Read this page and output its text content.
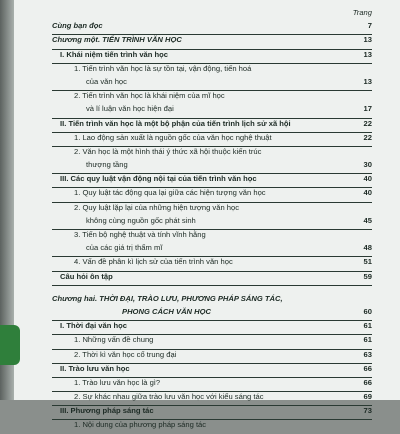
Trang
Cùng bạn đọc	7
Chương một. TIẾN TRÌNH VĂN HỌC	13
I. Khái niệm tiến trình văn học	13
1. Tiến trình văn học là sự tồn tại, vận động, tiến hoá
của văn học	13
2. Tiến trình văn học là khái niệm của mĩ học
và lí luận văn học hiện đại	17
II. Tiến trình văn học là một bộ phận của tiến trình lịch sử xã hội	22
1. Lao động sản xuất là nguồn gốc của văn học nghệ thuật	22
2. Văn học là một hình thái ý thức xã hội thuộc kiến trúc
thượng tầng	30
III. Các quy luật vận động nội tại của tiến trình văn học	40
1. Quy luật tác động qua lại giữa các hiện tượng văn học	40
2. Quy luật lặp lại của những hiện tượng văn học
không cùng nguồn gốc phát sinh	45
3. Tiến bộ nghệ thuật và tính vĩnh hằng
của các giá trị thẩm mĩ	48
4. Vấn đề phân kì lịch sử của tiến trình văn học	51
Câu hỏi ôn tập	59
Chương hai. THỜI ĐẠI, TRÀO LƯU, PHƯƠNG PHÁP SÁNG TÁC,
PHONG CÁCH VĂN HỌC	60
I. Thời đại văn học	61
1. Những vấn đề chung	61
2. Thời kì văn học cổ trung đại	63
II. Trào lưu văn học	66
1. Trào lưu văn học là gì?	66
2. Sự khác nhau giữa trào lưu văn học với kiểu sáng tác	69
III. Phương pháp sáng tác	73
1. Nội dung của phương pháp sáng tác
